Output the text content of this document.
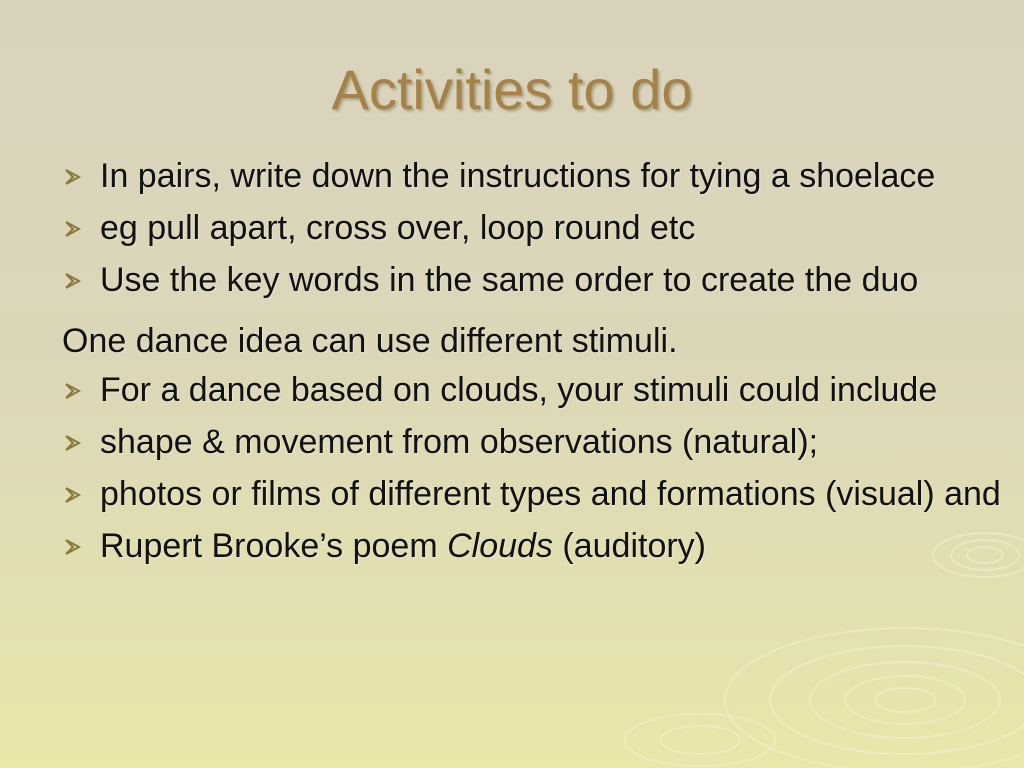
Activities to do
In pairs, write down the instructions for tying a shoelace
eg pull apart, cross over, loop round etc
Use the key words in the same order to create the duo
One dance idea can use different stimuli.
For a dance based on clouds, your stimuli could include
shape & movement from observations (natural);
photos or films of different types and formations (visual) and
Rupert Brooke’s poem Clouds (auditory)
